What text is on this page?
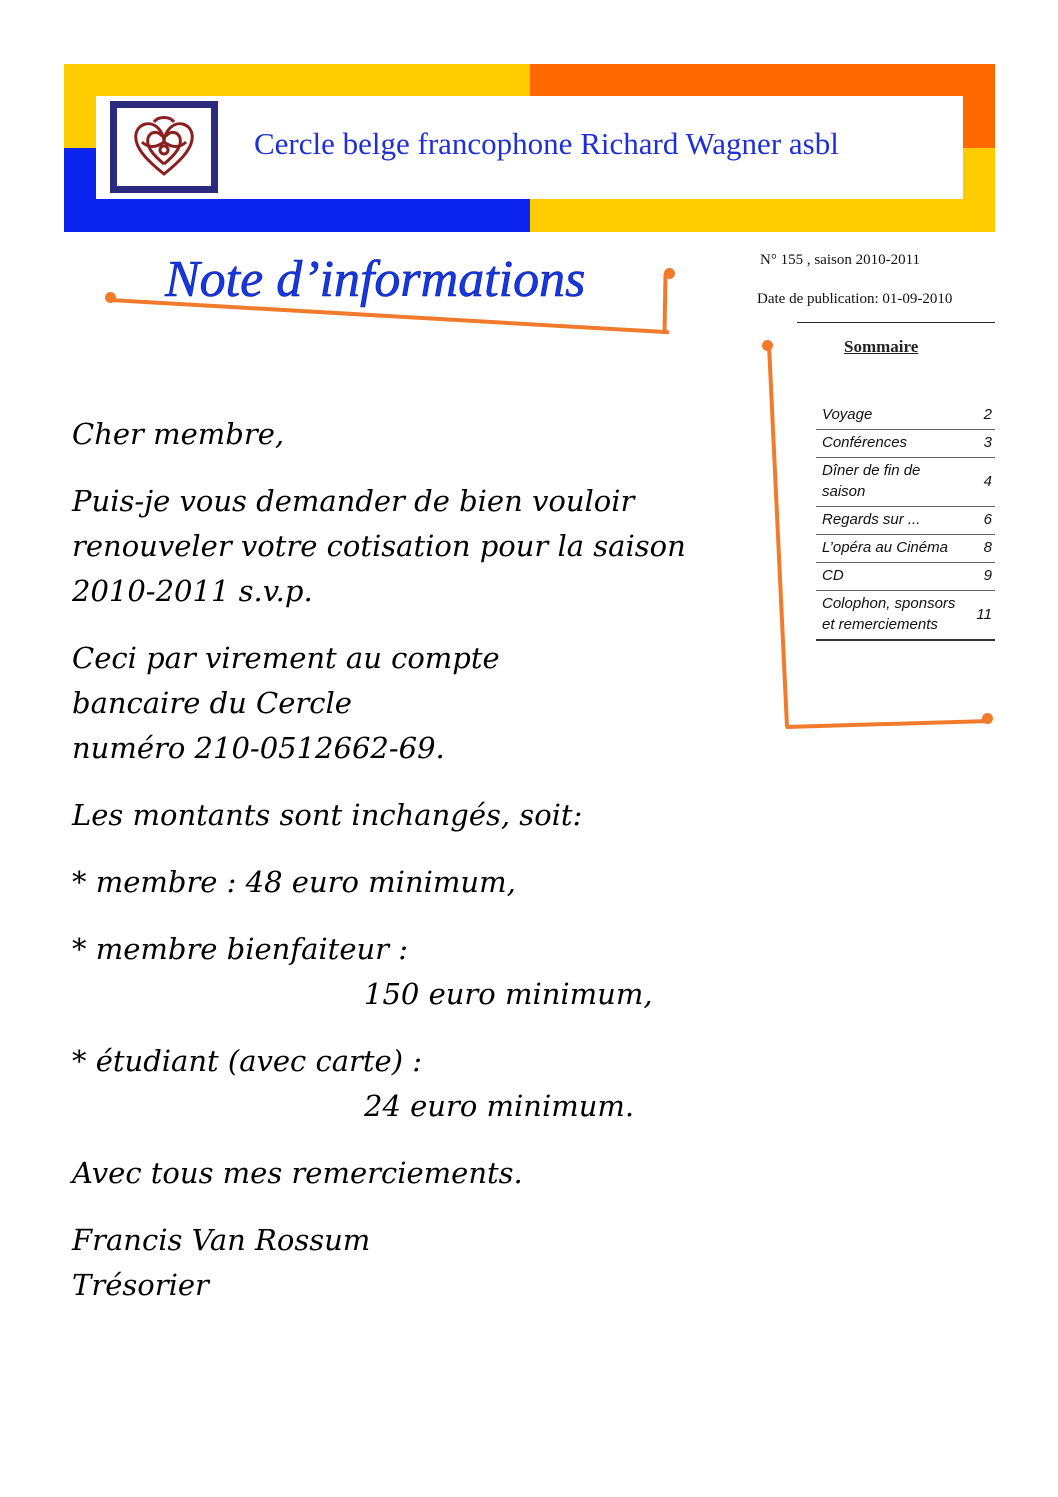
Cercle belge francophone Richard Wagner asbl
Note d’informations	N° 155 , saison 2010-2011
Date de publication: 01-09-2010
Sommaire
Voyage	2
Conférences	3
Dîner de fin de saison	4
Regards sur ...	6
L’opéra au Cinéma	8
CD	9
Colophon, sponsors et remerciements	11

Cher membre,

Puis-je vous demander de bien vouloir renouveler votre cotisation pour la saison 2010-2011 s.v.p.

Ceci par virement au compte
bancaire du Cercle
numéro 210-0512662-69.

Les montants sont inchangés, soit:

* membre : 48 euro minimum,

* membre bienfaiteur :

150 euro minimum,

* étudiant (avec carte) :

24 euro minimum.

Avec tous mes remerciements.

Francis Van Rossum
Trésorier
